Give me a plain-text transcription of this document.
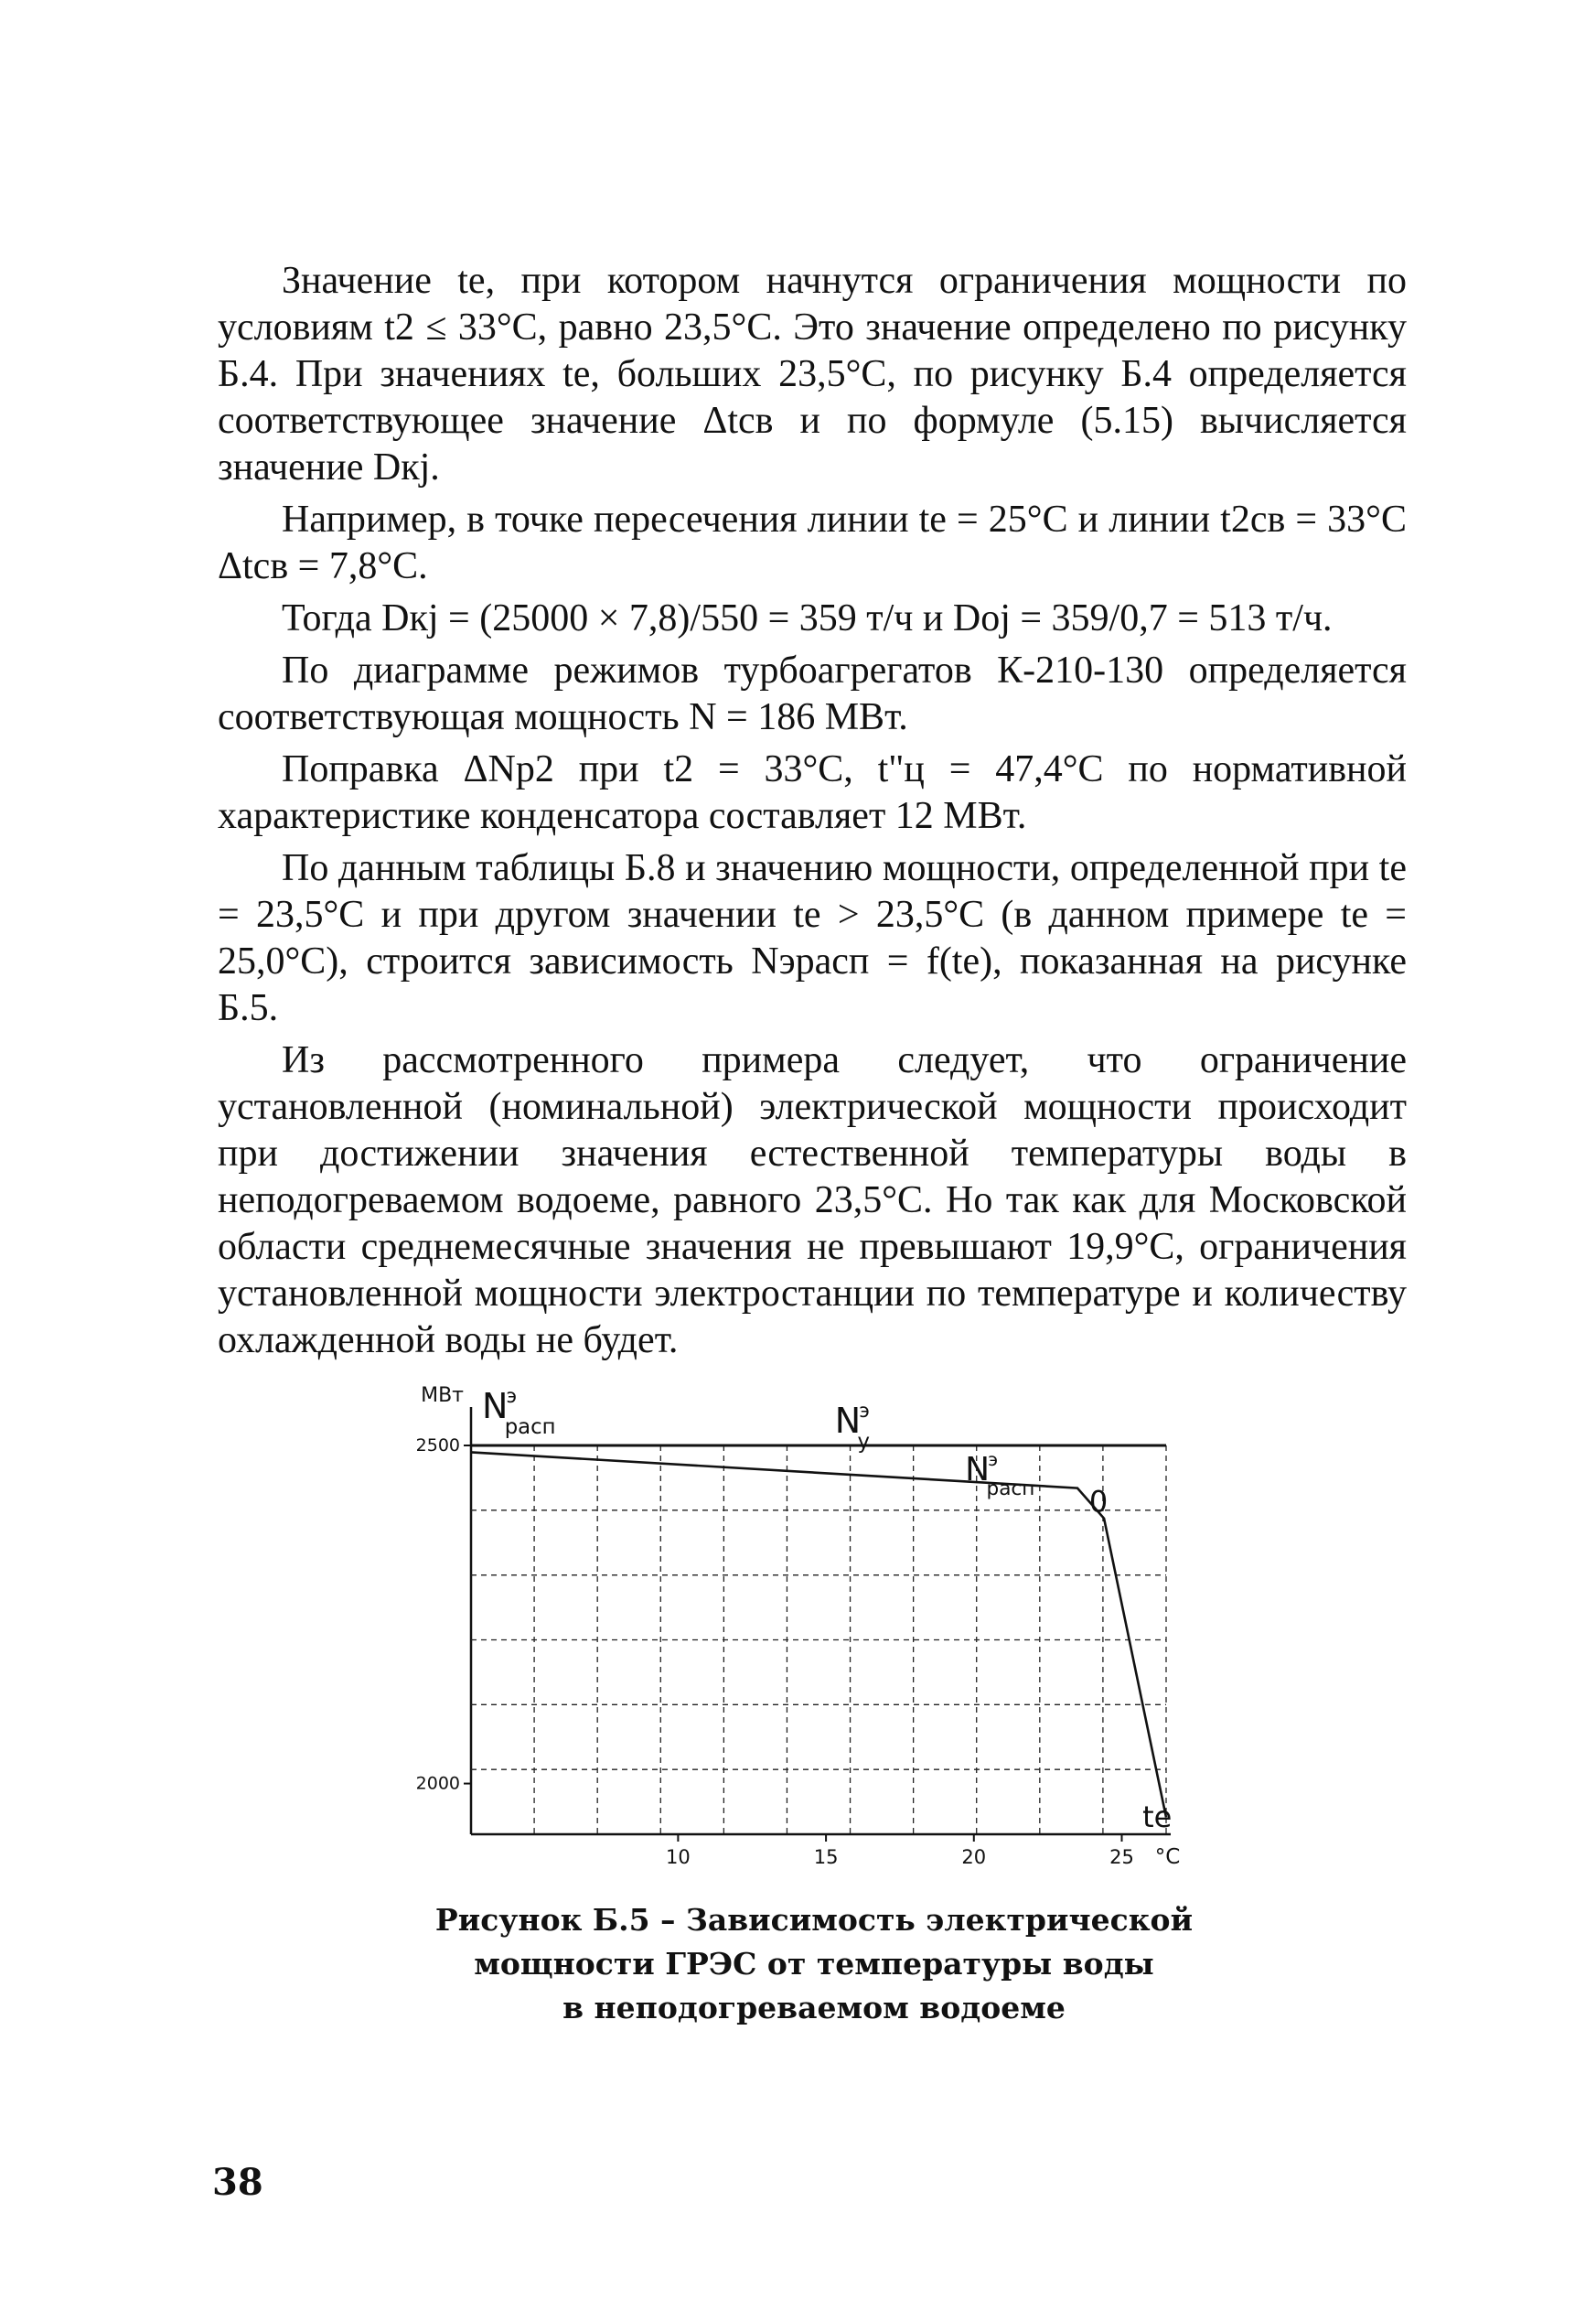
Значение tе, при котором начнутся ограничения мощности по условиям t2 ≤ 33°С, равно 23,5°С. Это значение определено по рисунку Б.4. При значениях tе, больших 23,5°С, по рисунку Б.4 определяется соответствующее значение Δtсв и по формуле (5.15) вычисляется значение Dкj.

Например, в точке пересечения линии tе = 25°С и линии t2св = 33°С Δtсв = 7,8°С.

Тогда Dкj = (25000 × 7,8)/550 = 359 т/ч и Doj = 359/0,7 = 513 т/ч.

По диаграмме режимов турбоагрегатов К-210-130 определяется соответствующая мощность N = 186 МВт.

Поправка ΔNр2 при t2 = 33°С, t"ц = 47,4°С по нормативной характеристике конденсатора составляет 12 МВт.

По данным таблицы Б.8 и значению мощности, определенной при tе = 23,5°С и при другом значении tе > 23,5°С (в данном примере tе = 25,0°С), строится зависимость Nэрасп = f(tе), показанная на рисунке Б.5.

Из рассмотренного примера следует, что ограничение установленной (номинальной) электрической мощности происходит при достижении значения естественной температуры воды в неподогреваемом водоеме, равного 23,5°С. Но так как для Московской области среднемесячные значения не превышают 19,9°С, ограничения установленной мощности электростанции по температуре и количеству охлажденной воды не будет.

2500
2000
МВт
10	15	20	25 °С
N
э
расп	N
э
у
N
э
расп 0
tе
Рисунок Б.5 – Зависимость электрической
мощности ГРЭС от температуры воды
в неподогреваемом водоеме
38
